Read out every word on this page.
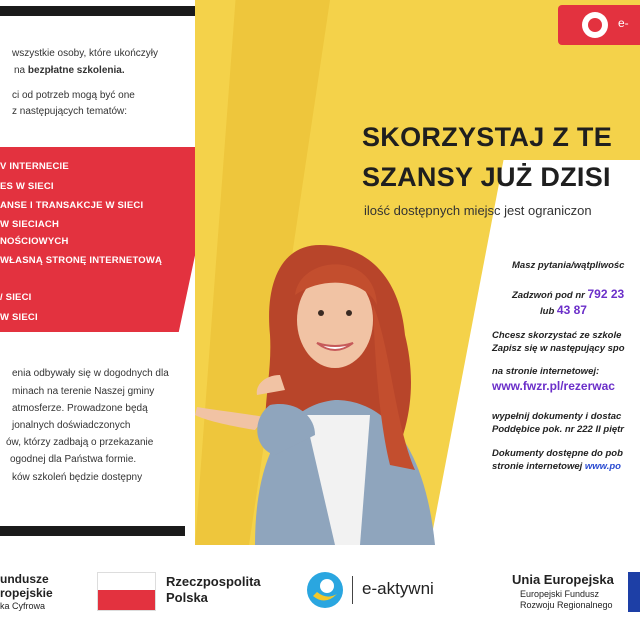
wszystkie osoby, które ukończyły
na bezpłatne szkolenia.
ci od potrzeb mogą być one
z następujących tematów:
V INTERNECIE
ES W SIECI
ANSE I TRANSAKCJE W SIECI
W SIECIACH
NOŚCIOWYCH
WŁASNĄ STRONĘ INTERNETOWĄ
/ SIECI
W SIECI
enia odbywały się w dogodnych dla
minach na terenie Naszej gminy
atmosferze. Prowadzone będą
jonalnych doświadczonych
ów, którzy zadbają o przekazanie
ogodnej dla Państwa formie.
ków szkoleń będzie dostępny
e-
SKORZYSTAJ Z TE
SZANSY JUŻ DZISI
ilość dostępnych miejsc jest ograniczon
Masz pytania/wątpliwośc
Zadzwoń pod nr 792 23
lub 43 87
Chcesz skorzystać ze szkole
Zapisz się w następujący spo
na stronie internetowej:
www.fwzr.pl/rezerwac
wypełnij dokumenty i dostac
Poddębice pok. nr 222 II piętr
Dokumenty dostępne do pob
stronie internetowej www.po
undusze
ropejskie
ka Cyfrowa
Rzeczpospolita
Polska	e-aktywni	Unia Europejska
Europejski Fundusz
Rozwoju Regionalnego
